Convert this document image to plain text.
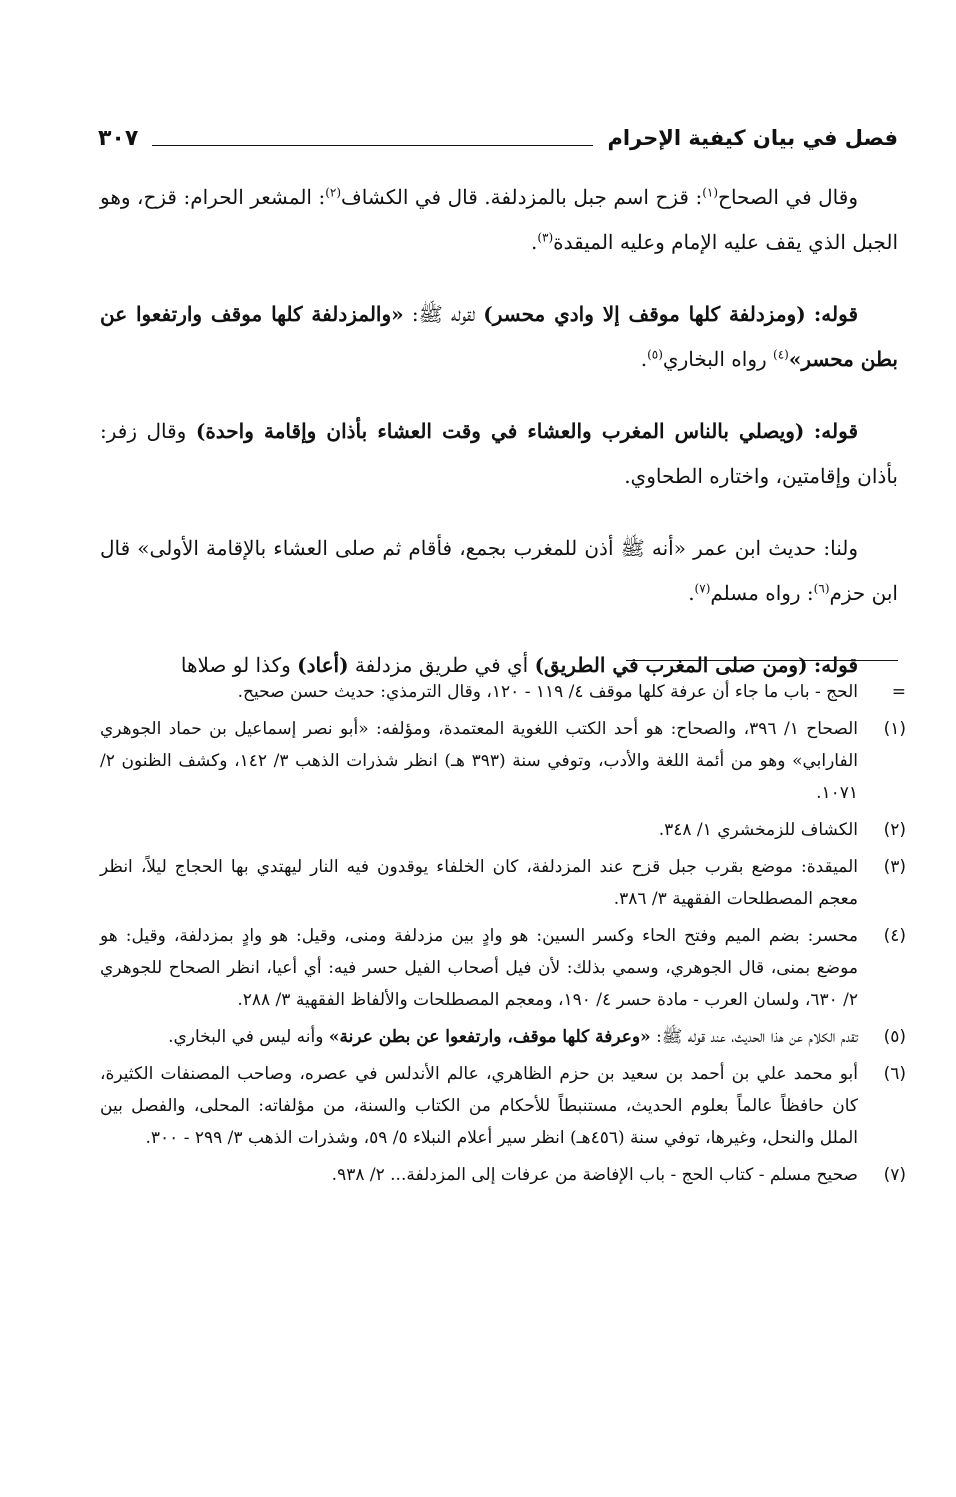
فصل في بيان كيفية الإحرام
٣٠٧

وقال في الصحاح$^{(١)}$: قزح اسم جبل بالمزدلفة. قال في الكشاف$^{(٢)}$: المشعر الحرام: قزح، وهو الجبل الذي يقف عليه الإمام وعليه الميقدة$^{(٣)}$.

قوله: (ومزدلفة كلها موقف إلا وادي محسر) لقوله ﷺ: «والمزدلفة كلها موقف وارتفعوا عن بطن محسر»$^{(٤)}$ رواه البخاري$^{(٥)}$.

قوله: (ويصلي بالناس المغرب والعشاء في وقت العشاء بأذان وإقامة واحدة) وقال زفر: بأذان وإقامتين، واختاره الطحاوي.

ولنا: حديث ابن عمر «أنه ﷺ أذن للمغرب بجمع، فأقام ثم صلى العشاء بالإقامة الأولى» قال ابن حزم$^{(٦)}$: رواه مسلم$^{(٧)}$.

قوله: (ومن صلى المغرب في الطريق) أي في طريق مزدلفة (أعاد) وكذا لو صلاها

=
الحج - باب ما جاء أن عرفة كلها موقف ٤/ ١١٩ - ١٢٠، وقال الترمذي: حديث حسن صحيح.
(١)
الصحاح ١/ ٣٩٦، والصحاح: هو أحد الكتب اللغوية المعتمدة، ومؤلفه: «أبو نصر إسماعيل بن حماد الجوهري الفارابي» وهو من أئمة اللغة والأدب، وتوفي سنة (٣٩٣ هـ) انظر شذرات الذهب ٣/ ١٤٢، وكشف الظنون ٢/ ١٠٧١.
(٢)
الكشاف للزمخشري ١/ ٣٤٨.
(٣)
الميقدة: موضع بقرب جبل قزح عند المزدلفة، كان الخلفاء يوقدون فيه النار ليهتدي بها الحجاج ليلاً، انظر معجم المصطلحات الفقهية ٣/ ٣٨٦.
(٤)
محسر: بضم الميم وفتح الحاء وكسر السين: هو وادٍ بين مزدلفة ومنى، وقيل: هو وادٍ بمزدلفة، وقيل: هو موضع بمنى، قال الجوهري، وسمي بذلك: لأن فيل أصحاب الفيل حسر فيه: أي أعيا، انظر الصحاح للجوهري ٢/ ٦٣٠، ولسان العرب - مادة حسر ٤/ ١٩٠، ومعجم المصطلحات والألفاظ الفقهية ٣/ ٢٨٨.
(٥)
تقدم الكلام عن هذا الحديث، عند قوله ﷺ: «وعرفة كلها موقف، وارتفعوا عن بطن عرنة» وأنه ليس في البخاري.
(٦)
أبو محمد علي بن أحمد بن سعيد بن حزم الظاهري، عالم الأندلس في عصره، وصاحب المصنفات الكثيرة، كان حافظاً عالماً بعلوم الحديث، مستنبطاً للأحكام من الكتاب والسنة، من مؤلفاته: المحلى، والفصل بين الملل والنحل، وغيرها، توفي سنة (٤٥٦هـ) انظر سير أعلام النبلاء ٥/ ٥٩، وشذرات الذهب ٣/ ٢٩٩ - ٣٠٠.
(٧)
صحيح مسلم - كتاب الحج - باب الإفاضة من عرفات إلى المزدلفة... ٢/ ٩٣٨.
